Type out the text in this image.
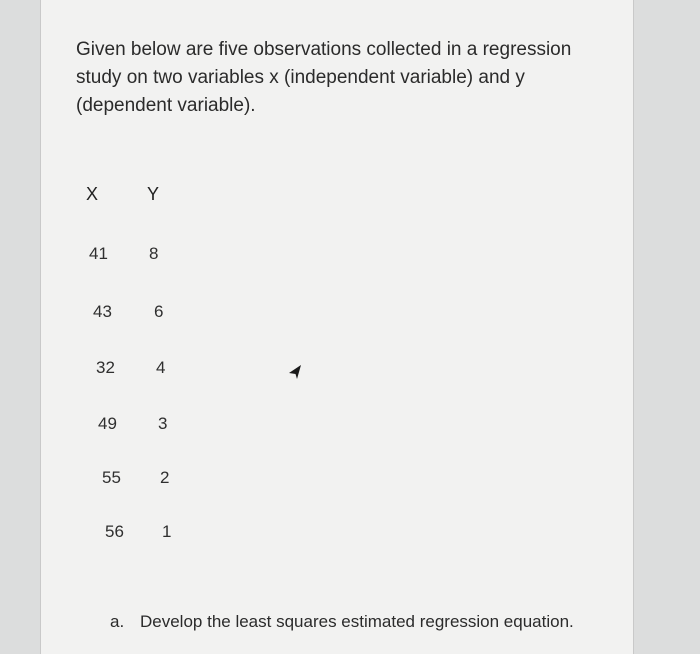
Given below are five observations collected in a regression study on two variables x (independent variable) and y (dependent variable).

X	Y
41 8
43 6
32 4
49 3
55 2
56 1
a. Develop the least squares estimated regression equation.
